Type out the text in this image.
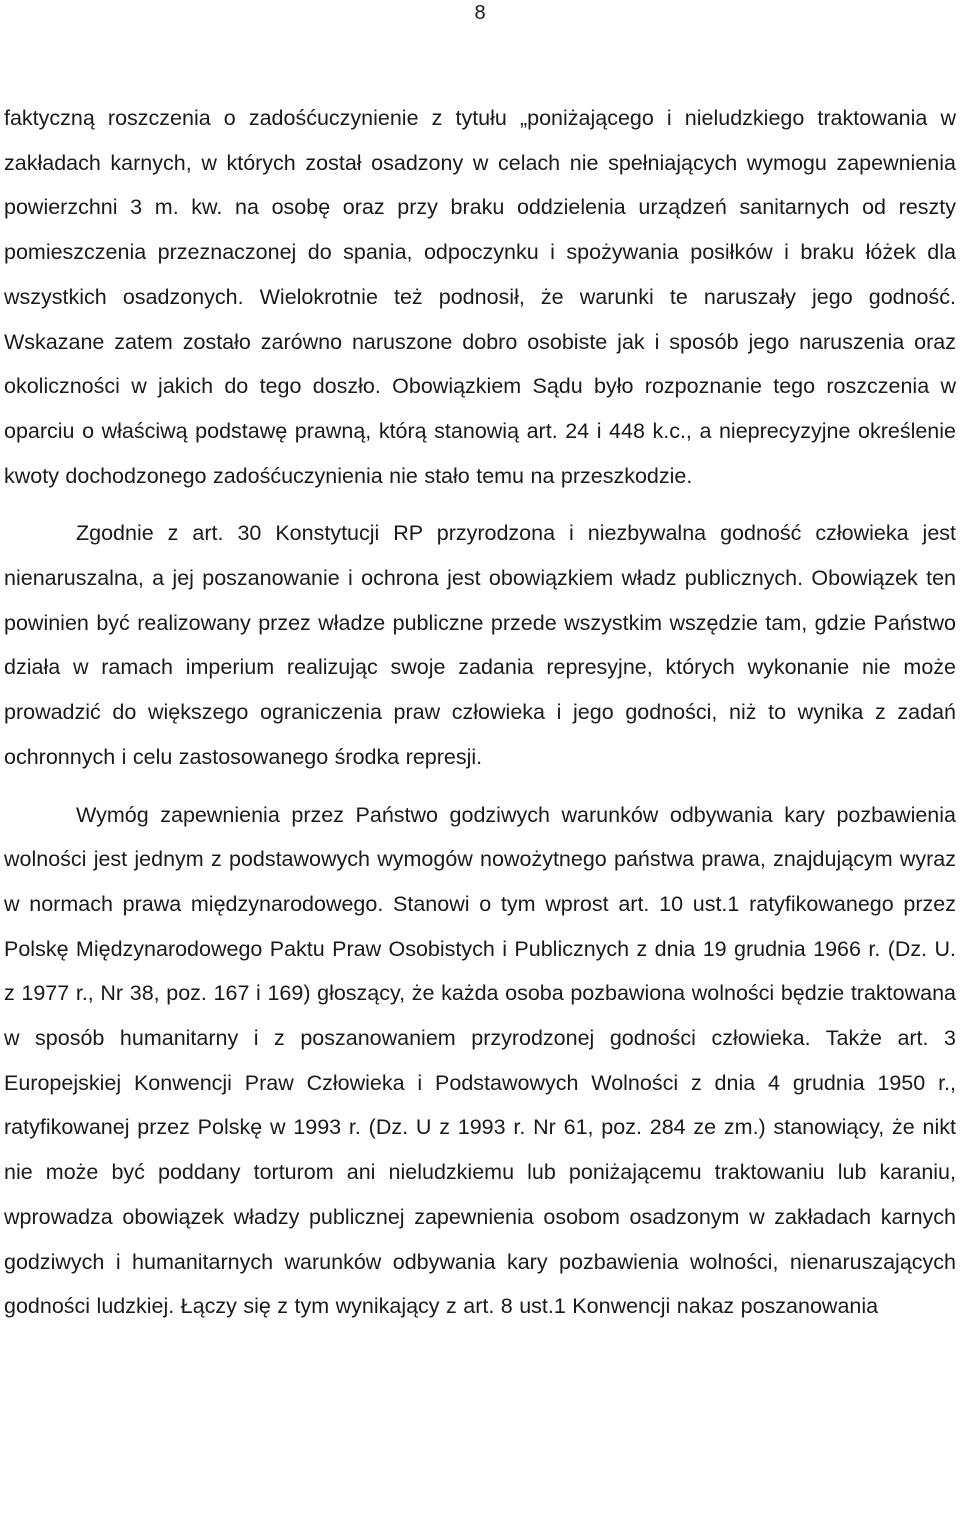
8

faktyczną roszczenia o zadośćuczynienie z tytułu „poniżającego i nieludzkiego traktowania w zakładach karnych, w których został osadzony w celach nie spełniających wymogu zapewnienia powierzchni 3 m. kw. na osobę oraz przy braku oddzielenia urządzeń sanitarnych od reszty pomieszczenia przeznaczonej do spania, odpoczynku i spożywania posiłków i braku łóżek dla wszystkich osadzonych. Wielokrotnie też podnosił, że warunki te naruszały jego godność. Wskazane zatem zostało zarówno naruszone dobro osobiste jak i sposób jego naruszenia oraz okoliczności w jakich do tego doszło. Obowiązkiem Sądu było rozpoznanie tego roszczenia w oparciu o właściwą podstawę prawną, którą stanowią art. 24 i 448 k.c., a nieprecyzyjne określenie kwoty dochodzonego zadośćuczynienia nie stało temu na przeszkodzie.

Zgodnie z art. 30 Konstytucji RP przyrodzona i niezbywalna godność człowieka jest nienaruszalna, a jej poszanowanie i ochrona jest obowiązkiem władz publicznych. Obowiązek ten powinien być realizowany przez władze publiczne przede wszystkim wszędzie tam, gdzie Państwo działa w ramach imperium realizując swoje zadania represyjne, których wykonanie nie może prowadzić do większego ograniczenia praw człowieka i jego godności, niż to wynika z zadań ochronnych i celu zastosowanego środka represji.

Wymóg zapewnienia przez Państwo godziwych warunków odbywania kary pozbawienia wolności jest jednym z podstawowych wymogów nowożytnego państwa prawa, znajdującym wyraz w normach prawa międzynarodowego. Stanowi o tym wprost art. 10 ust.1 ratyfikowanego przez Polskę Międzynarodowego Paktu Praw Osobistych i Publicznych z dnia 19 grudnia 1966 r. (Dz. U. z 1977 r., Nr 38, poz. 167 i 169) głoszący, że każda osoba pozbawiona wolności będzie traktowana w sposób humanitarny i z poszanowaniem przyrodzonej godności człowieka. Także art. 3 Europejskiej Konwencji Praw Człowieka i Podstawowych Wolności z dnia 4 grudnia 1950 r., ratyfikowanej przez Polskę w 1993 r. (Dz. U z 1993 r. Nr 61, poz. 284 ze zm.) stanowiący, że nikt nie może być poddany torturom ani nieludzkiemu lub poniżającemu traktowaniu lub karaniu, wprowadza obowiązek władzy publicznej zapewnienia osobom osadzonym w zakładach karnych godziwych i humanitarnych warunków odbywania kary pozbawienia wolności, nienaruszających godności ludzkiej. Łączy się z tym wynikający z art. 8 ust.1 Konwencji nakaz poszanowania
